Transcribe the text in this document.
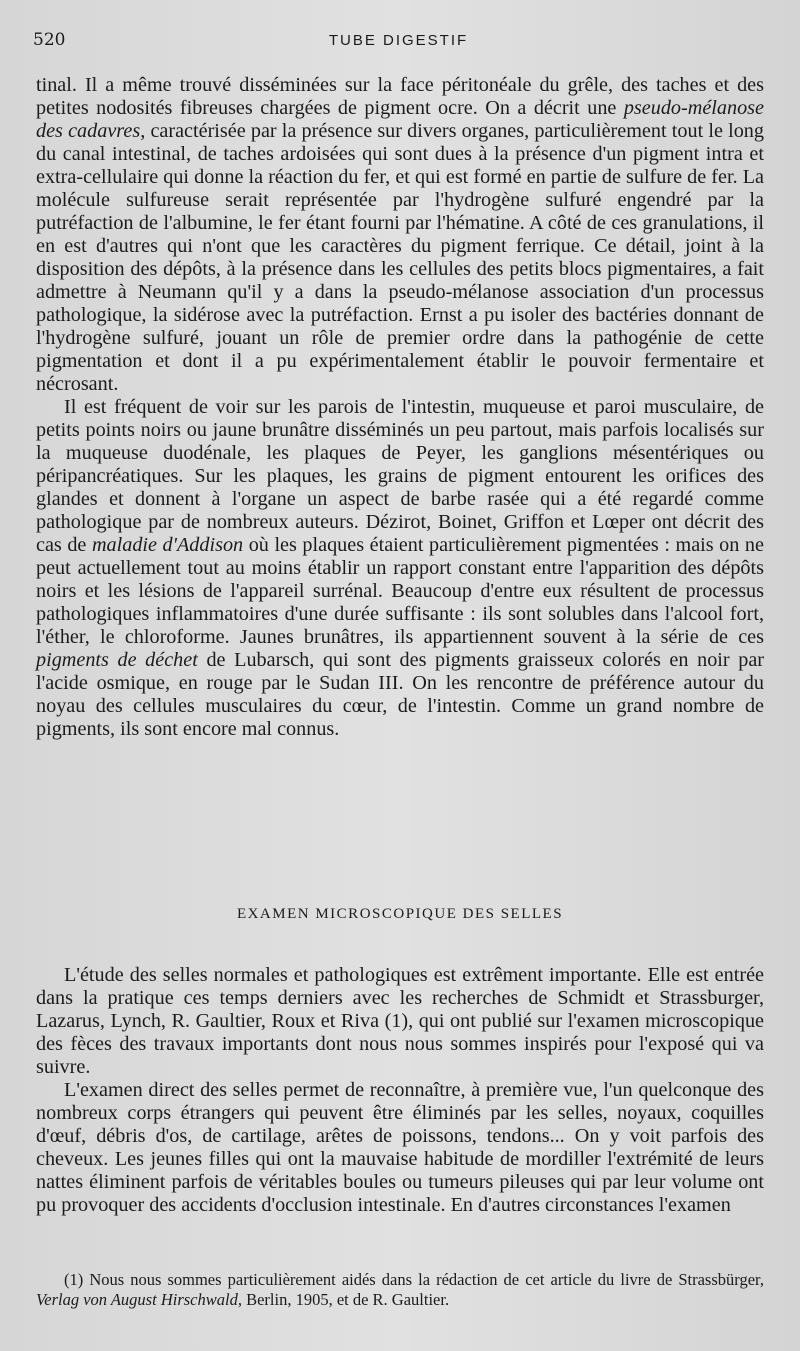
520	TUBE DIGESTIF

tinal. Il a même trouvé disséminées sur la face péritonéale du grêle, des taches et des petites nodosités fibreuses chargées de pigment ocre. On a décrit une pseudo-mélanose des cadavres, caractérisée par la présence sur divers organes, particulièrement tout le long du canal intestinal, de taches ardoisées qui sont dues à la présence d'un pigment intra et extra-cellulaire qui donne la réaction du fer, et qui est formé en partie de sulfure de fer. La molécule sulfureuse serait représentée par l'hydrogène sulfuré engendré par la putréfaction de l'albumine, le fer étant fourni par l'hématine. A côté de ces granulations, il en est d'autres qui n'ont que les caractères du pigment ferrique. Ce détail, joint à la disposition des dépôts, à la présence dans les cellules des petits blocs pigmentaires, a fait admettre à Neumann qu'il y a dans la pseudo-mélanose association d'un processus pathologique, la sidérose avec la putréfaction. Ernst a pu isoler des bactéries donnant de l'hydrogène sulfuré, jouant un rôle de premier ordre dans la pathogénie de cette pigmentation et dont il a pu expérimentalement établir le pouvoir fermentaire et nécrosant.

Il est fréquent de voir sur les parois de l'intestin, muqueuse et paroi musculaire, de petits points noirs ou jaune brunâtre disséminés un peu partout, mais parfois localisés sur la muqueuse duodénale, les plaques de Peyer, les ganglions mésentériques ou péripancréatiques. Sur les plaques, les grains de pigment entourent les orifices des glandes et donnent à l'organe un aspect de barbe rasée qui a été regardé comme pathologique par de nombreux auteurs. Dézirot, Boinet, Griffon et Lœper ont décrit des cas de maladie d'Addison où les plaques étaient particulièrement pigmentées : mais on ne peut actuellement tout au moins établir un rapport constant entre l'apparition des dépôts noirs et les lésions de l'appareil surrénal. Beaucoup d'entre eux résultent de processus pathologiques inflammatoires d'une durée suffisante : ils sont solubles dans l'alcool fort, l'éther, le chloroforme. Jaunes brunâtres, ils appartiennent souvent à la série de ces pigments de déchet de Lubarsch, qui sont des pigments graisseux colorés en noir par l'acide osmique, en rouge par le Sudan III. On les rencontre de préférence autour du noyau des cellules musculaires du cœur, de l'intestin. Comme un grand nombre de pigments, ils sont encore mal connus.

EXAMEN MICROSCOPIQUE DES SELLES

L'étude des selles normales et pathologiques est extrêment importante. Elle est entrée dans la pratique ces temps derniers avec les recherches de Schmidt et Strassburger, Lazarus, Lynch, R. Gaultier, Roux et Riva (1), qui ont publié sur l'examen microscopique des fèces des travaux importants dont nous nous sommes inspirés pour l'exposé qui va suivre.

L'examen direct des selles permet de reconnaître, à première vue, l'un quelconque des nombreux corps étrangers qui peuvent être éliminés par les selles, noyaux, coquilles d'œuf, débris d'os, de cartilage, arêtes de poissons, tendons... On y voit parfois des cheveux. Les jeunes filles qui ont la mauvaise habitude de mordiller l'extrémité de leurs nattes éliminent parfois de véritables boules ou tumeurs pileuses qui par leur volume ont pu provoquer des accidents d'occlusion intestinale. En d'autres circonstances l'examen

(1) Nous nous sommes particulièrement aidés dans la rédaction de cet article du livre de Strassbürger, Verlag von August Hirschwald, Berlin, 1905, et de R. Gaultier.
